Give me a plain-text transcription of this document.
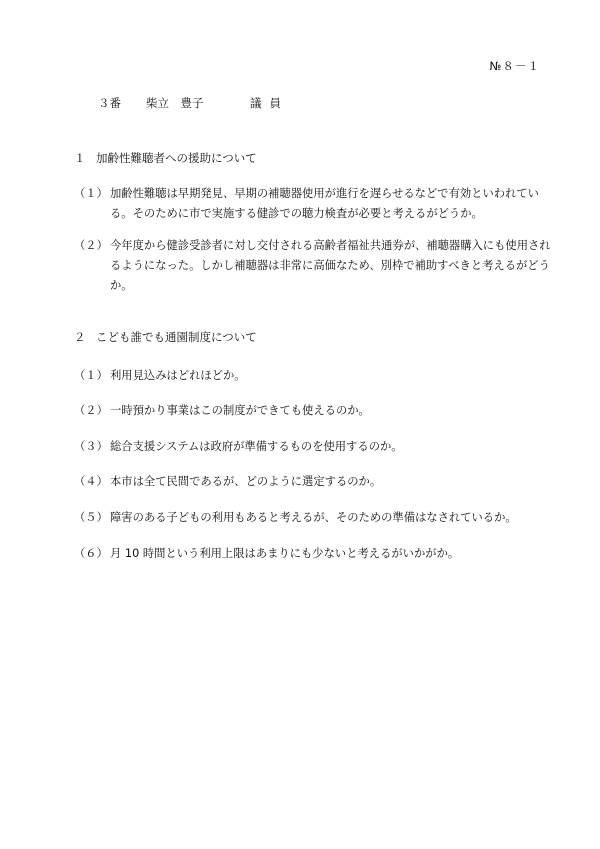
№８－１
３番	柴立　豊子	議員
１ 加齢性難聴者への援助について
（１） 加齢性難聴は早期発見、早期の補聴器使用が進行を遅らせるなどで有効といわれている。そのために市で実施する健診での聴力検査が必要と考えるがどうか。
（２） 今年度から健診受診者に対し交付される高齢者福祉共通券が、補聴器購入にも使用されるようになった。しかし補聴器は非常に高価なため、別枠で補助すべきと考えるがどうか。
２ こども誰でも通園制度について
（１） 利用見込みはどれほどか。
（２） 一時預かり事業はこの制度ができても使えるのか。
（３） 総合支援システムは政府が準備するものを使用するのか。
（４） 本市は全て民間であるが、どのように選定するのか。
（５） 障害のある子どもの利用もあると考えるが、そのための準備はなされているか。
（６） 月 10 時間という利用上限はあまりにも少ないと考えるがいかがか。
